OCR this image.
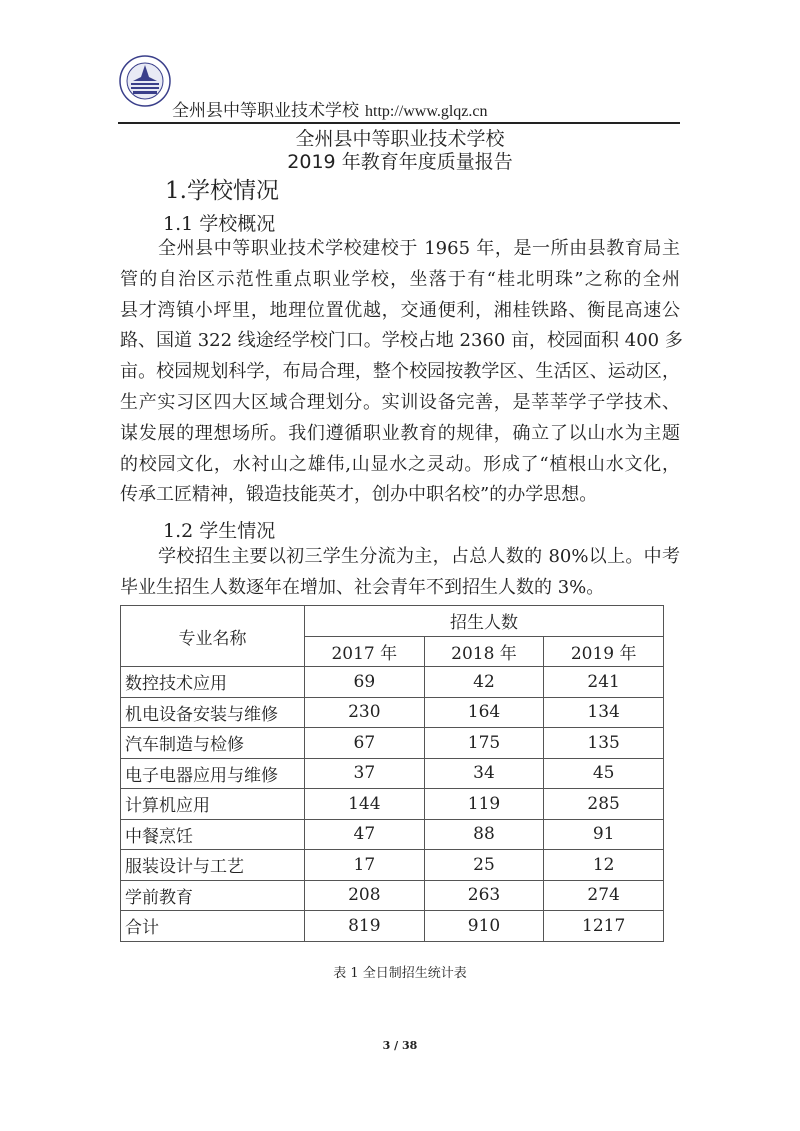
全州县中等职业技术学校 http://www.glqz.cn
全州县中等职业技术学校
2019 年教育年度质量报告
1.学校情况
1.1 学校概况
全州县中等职业技术学校建校于 1965 年，是一所由县教育局主
管的自治区示范性重点职业学校，坐落于有“桂北明珠”之称的全州
县才湾镇小坪里，地理位置优越，交通便利，湘桂铁路、衡昆高速公
路、国道 322 线途经学校门口。学校占地 2360 亩，校园面积 400 多
亩。校园规划科学，布局合理，整个校园按教学区、生活区、运动区，
生产实习区四大区域合理划分。实训设备完善，是莘莘学子学技术、
谋发展的理想场所。我们遵循职业教育的规律，确立了以山水为主题
的校园文化，水衬山之雄伟,山显水之灵动。形成了“植根山水文化，
传承工匠精神，锻造技能英才，创办中职名校”的办学思想。
1.2 学生情况
学校招生主要以初三学生分流为主，占总人数的 80%以上。中考
毕业生招生人数逐年在增加、社会青年不到招生人数的 3%。
专业名称	招生人数		
	2017 年	2018 年	2019 年
数控技术应用	69	42	241
机电设备安装与维修	230	164	134
汽车制造与检修	67	175	135
电子电器应用与维修	37	34	45
计算机应用	144	119	285
中餐烹饪	47	88	91
服装设计与工艺	17	25	12
学前教育	208	263	274
合计	819	910	1217
表 1 全日制招生统计表
3 / 38
